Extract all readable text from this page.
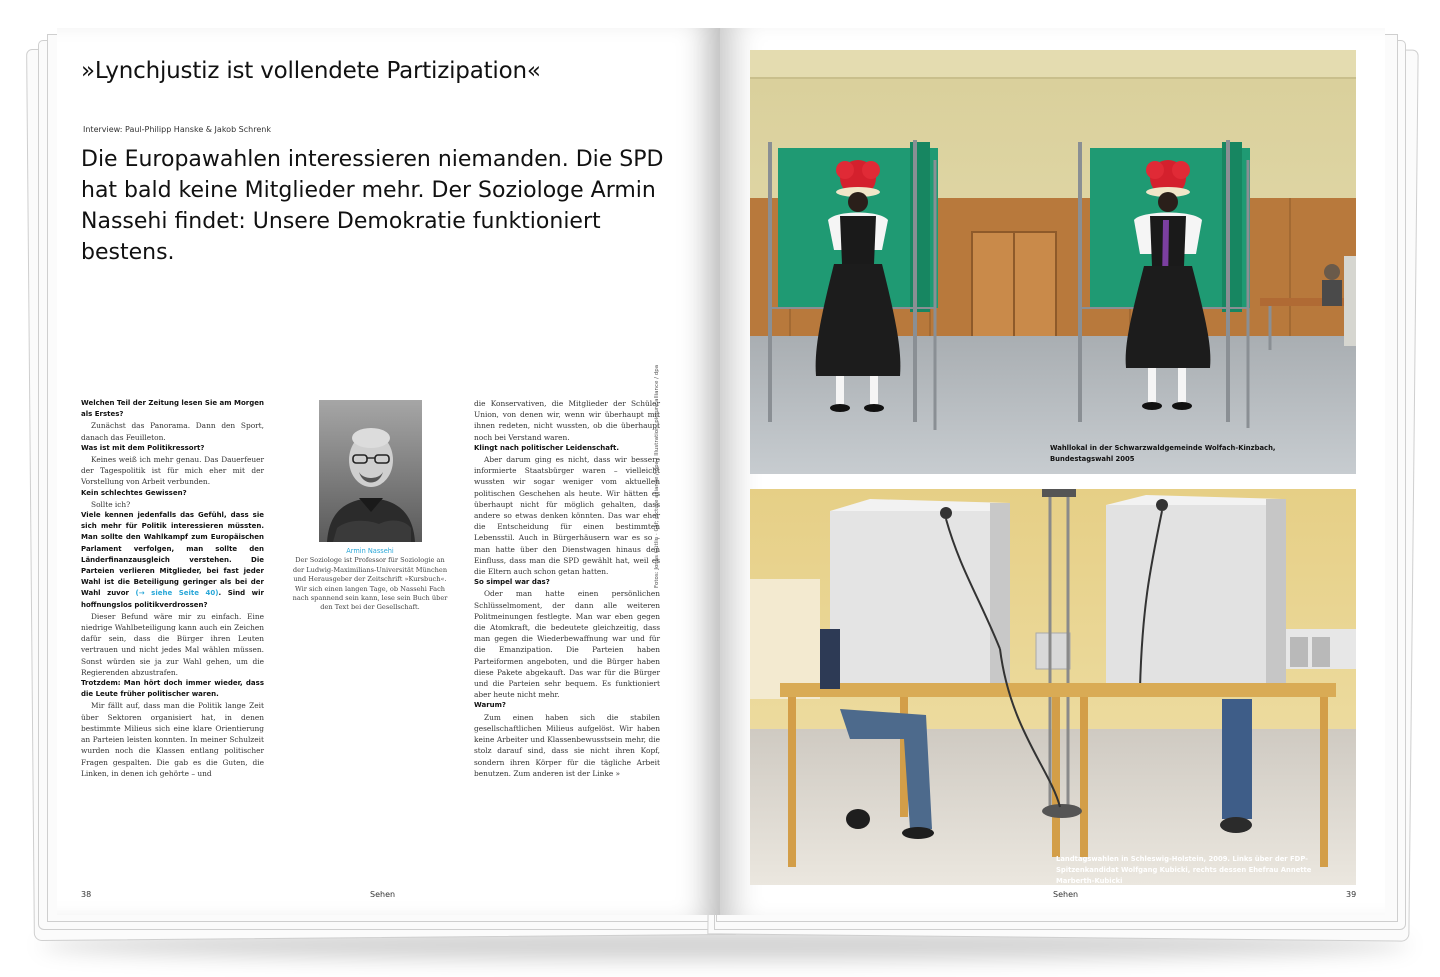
»Lynchjustiz ist vollendete Partizipation«
Interview: Paul-Philipp Hanske & Jakob Schrenk
Die Europawahlen interessieren niemanden. Die SPD hat bald keine Mitglieder mehr. Der Soziologe Armin Nassehi findet: Unsere Demokratie funktioniert bestens.

Welchen Teil der Zeitung lesen Sie am Morgen als Erstes?

Zunächst das Panorama. Dann den Sport, danach das Feuilleton.

Was ist mit dem Politikressort?

Keines weiß ich mehr genau. Das Dauerfeuer der Tagespolitik ist für mich eher mit der Vorstellung von Arbeit verbunden.

Kein schlechtes Gewissen?

Sollte ich?

Viele kennen jedenfalls das Gefühl, dass sie sich mehr für Politik interessieren müssten. Man sollte den Wahlkampf zum Europäischen Parlament verfolgen, man sollte den Länderfinanzausgleich verstehen. Die Parteien verlieren Mitglieder, bei fast jeder Wahl ist die Beteiligung geringer als bei der Wahl zuvor (→ siehe Seite 40). Sind wir hoffnungslos politikverdrossen?

Dieser Befund wäre mir zu einfach. Eine niedrige Wahlbeteiligung kann auch ein Zeichen dafür sein, dass die Bürger ihren Leuten vertrauen und nicht jedes Mal wählen müssen. Sonst würden sie ja zur Wahl gehen, um die Regierenden abzustrafen.

Trotzdem: Man hört doch immer wieder, dass die Leute früher politischer waren.

Mir fällt auf, dass man die Politik lange Zeit über Sektoren organisiert hat, in denen bestimmte Milieus sich eine klare Orientierung an Parteien leisten konnten. In meiner Schulzeit wurden noch die Klassen entlang politischer Fragen gespalten. Die gab es die Guten, die Linken, in denen ich gehörte – und

Armin Nassehi
Der Soziologe ist Professor für Soziologie an der Ludwig-Maximilians-Universität München und Herausgeber der Zeitschrift »Kursbuch«. Wir sich einen langen Tage, ob Nassehi Fach nach spannend sein kann, lese sein Buch über den Text bei der Gesellschaft.

die Konservativen, die Mitglieder der Schüler Union, von denen wir, wenn wir überhaupt mit ihnen redeten, nicht wussten, ob die überhaupt noch bei Verstand waren.

Klingt nach politischer Leidenschaft.

Aber darum ging es nicht, dass wir bessere informierte Staatsbürger waren – vielleicht wussten wir sogar weniger vom aktuellen politischen Geschehen als heute. Wir hätten es überhaupt nicht für möglich gehalten, dass andere so etwas denken könnten. Das war eher die Entscheidung für einen bestimmten Lebensstil. Auch in Bürgerhäusern war es so – man hatte über den Dienstwagen hinaus den Einfluss, dass man die SPD gewählt hat, weil es die Eltern auch schon getan hatten.

So simpel war das?

Oder man hatte einen persönlichen Schlüsselmoment, der dann alle weiteren Politmeinungen festlegte. Man war eben gegen die Atomkraft, die bedeutete gleichzeitig, dass man gegen die Wiederbewaffnung war und für die Emanzipation. Die Parteien haben Parteiformen angeboten, und die Bürger haben diese Pakete abgekauft. Das war für die Bürger und die Parteien sehr bequem. Es funktioniert aber heute nicht mehr.

Warum?

Zum einen haben sich die stabilen gesellschaftlichen Milieus aufgelöst. Wir haben keine Arbeiter und Klassenbewusstsein mehr, die stolz darauf sind, dass sie nicht ihren Kopf, sondern ihren Körper für die tägliche Arbeit benutzen. Zum anderen ist der Linke »

38	Sehen
Fotos: Jonas Gütlin · Gsf; picture alliance / dpa · Illustration: picture alliance / dpa	Wahllokal in der Schwarzwaldgemeinde Wolfach-Kinzbach, Bundestagswahl 2005
Landtagswahlen in Schleswig-Holstein, 2009. Links über der FDP-Spitzenkandidat Wolfgang Kubicki, rechts dessen Ehefrau Annette Marberth-Kubicki
Sehen	39
